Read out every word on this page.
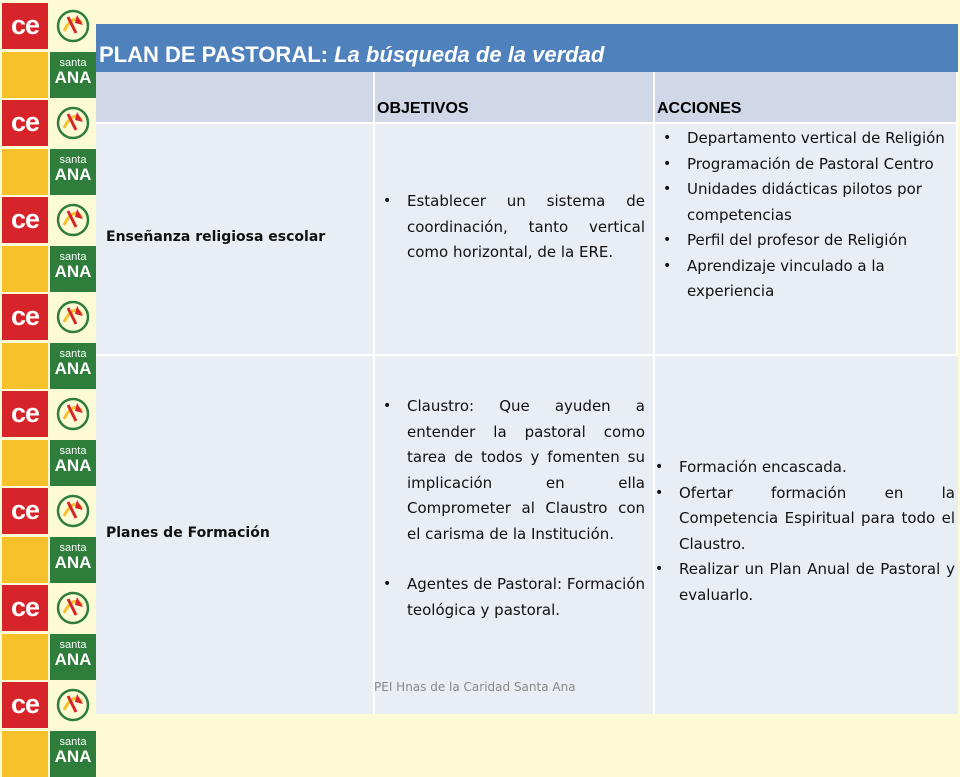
ce
santa
ANA
ce
santa
ANA
ce
santa
ANA
ce
santa
ANA
ce
santa
ANA
ce
santa
ANA
ce
santa
ANA
ce
santa
ANA
PLAN DE PASTORAL: La búsqueda de la verdad
OBJETIVOS	ACCIONES
Enseñanza religiosa escolar
• Establecer un sistema de coordinación, tanto vertical como horizontal, de la ERE.
• Departamento vertical de Religión
• Programación de Pastoral Centro
• Unidades didácticas pilotos por competencias
• Perfil del profesor de Religión
• Aprendizaje vinculado a la experiencia
Planes de Formación
• Claustro: Que ayuden a entender la pastoral como tarea de todos y fomenten su implicación en ella Comprometer al Claustro con el carisma de la Institución.
• Agentes de Pastoral: Formación teológica y pastoral.
• Formación encascada.
• Ofertar formación en la Competencia Espiritual para todo el Claustro.
• Realizar un Plan Anual de Pastoral y evaluarlo.
PEI Hnas de la Caridad Santa Ana
